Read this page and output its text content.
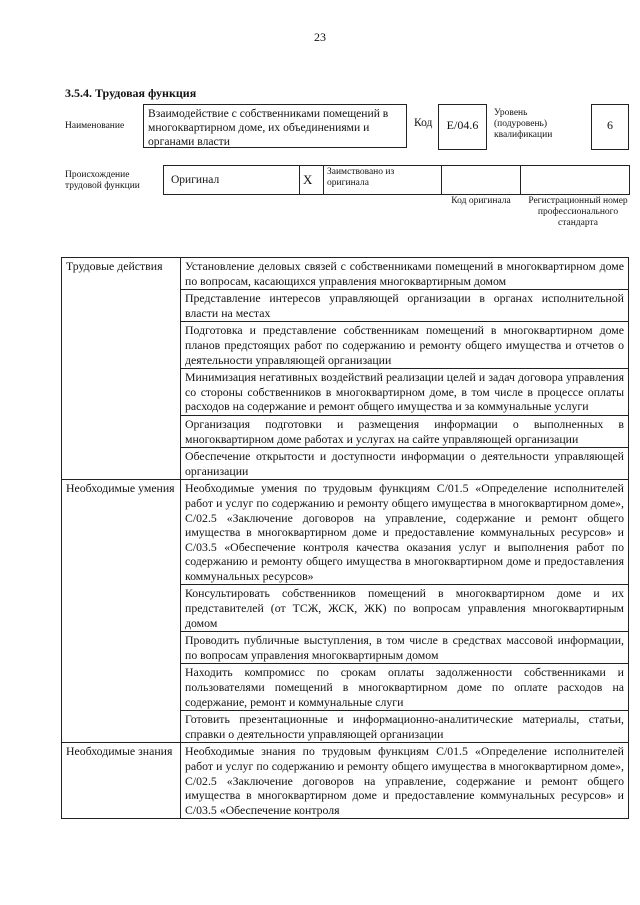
23
3.5.4. Трудовая функция
Наименование
Взаимодействие с собственниками помещений в многоквартирном доме, их объединениями и органами власти
Код	E/04.6
Уровень (подуровень) квалификации
6
Происхождение трудовой функции	Оригинал	X Заимствовано из оригинала
Код оригинала	Регистрационный номер профессионального стандарта
Трудовые действия	Установление деловых связей с собственниками помещений в многоквартирном доме по вопросам, касающихся управления многоквартирным домом
	Представление интересов управляющей организации в органах исполнительной власти на местах
	Подготовка и представление собственникам помещений в многоквартирном доме планов предстоящих работ по содержанию и ремонту общего имущества и отчетов о деятельности управляющей организации
	Минимизация негативных воздействий реализации целей и задач договора управления со стороны собственников в многоквартирном доме, в том числе в процессе оплаты расходов на содержание и ремонт общего имущества и за коммунальные услуги
	Организация подготовки и размещения информации о выполненных в многоквартирном доме работах и услугах на сайте управляющей организации
	Обеспечение открытости и доступности информации о деятельности управляющей организации
Необходимые умения	Необходимые умения по трудовым функциям С/01.5 «Определение исполнителей работ и услуг по содержанию и ремонту общего имущества в многоквартирном доме», С/02.5 «Заключение договоров на управление, содержание и ремонт общего имущества в многоквартирном доме и предоставление коммунальных ресурсов» и С/03.5 «Обеспечение контроля качества оказания услуг и выполнения работ по содержанию и ремонту общего имущества в многоквартирном доме и предоставления коммунальных ресурсов»
	Консультировать собственников помещений в многоквартирном доме и их представителей (от ТСЖ, ЖСК, ЖК) по вопросам управления многоквартирным домом
	Проводить публичные выступления, в том числе в средствах массовой информации, по вопросам управления многоквартирным домом
	Находить компромисс по срокам оплаты задолженности собственниками и пользователями помещений в многоквартирном доме по оплате расходов на содержание, ремонт и коммунальные слуги
	Готовить презентационные и информационно-аналитические материалы, статьи, справки о деятельности управляющей организации
Необходимые знания	Необходимые знания по трудовым функциям С/01.5 «Определение исполнителей работ и услуг по содержанию и ремонту общего имущества в многоквартирном доме», С/02.5 «Заключение договоров на управление, содержание и ремонт общего имущества в многоквартирном доме и предоставление коммунальных ресурсов» и С/03.5 «Обеспечение контроля
